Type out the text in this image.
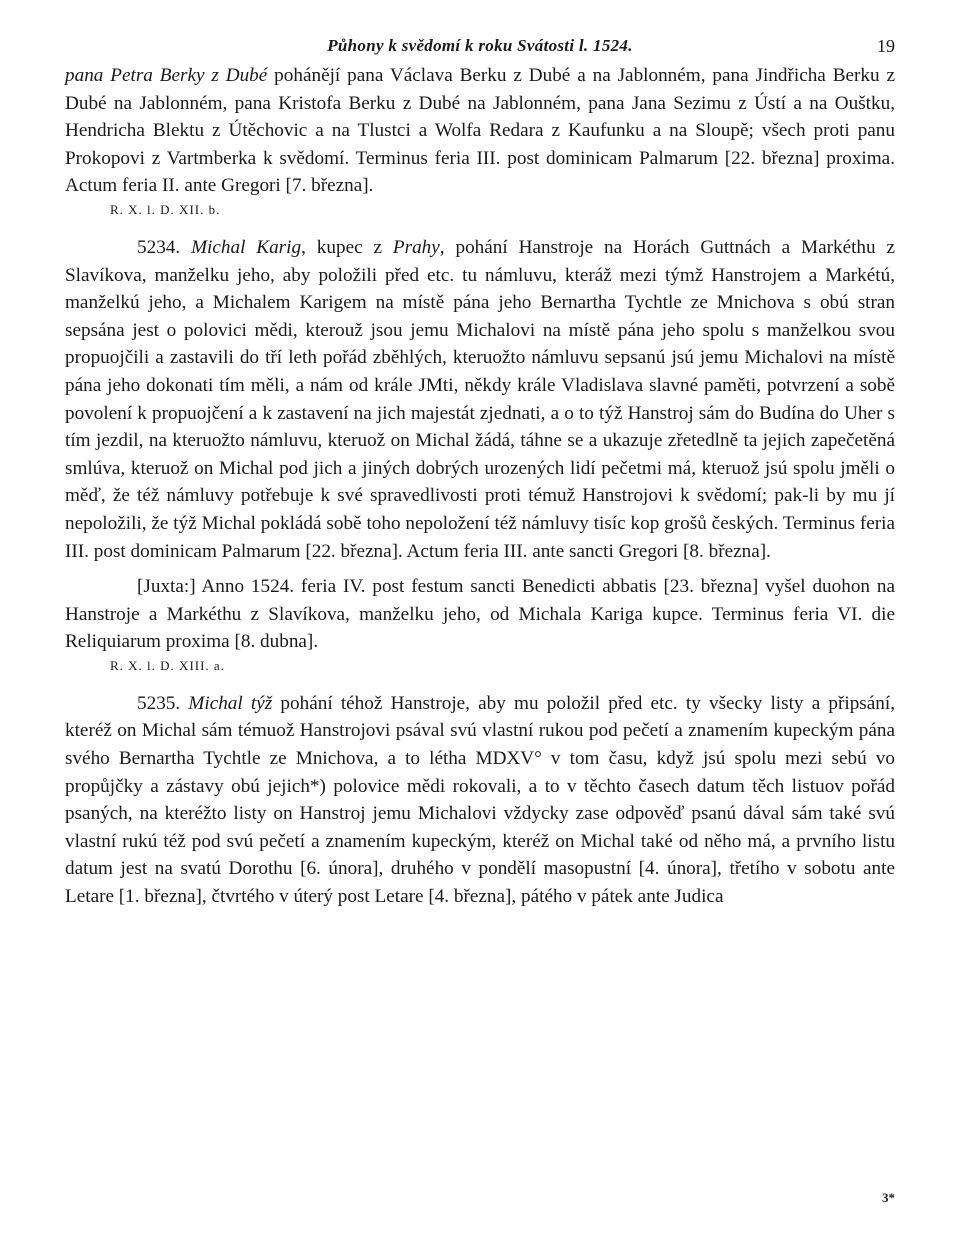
Půhony k svědomí k roku Svátosti l. 1524.	19

pana Petra Berky z Dubé pohánějí pana Václava Berku z Dubé a na Jablonném, pana Jindřicha Berku z Dubé na Jablonném, pana Kristofa Berku z Dubé na Jablonném, pana Jana Sezimu z Ústí a na Ouštku, Hendricha Blektu z Útěchovic a na Tlustci a Wolfa Redara z Kaufunku a na Sloupě; všech proti panu Prokopovi z Vartmberka k svědomí. Terminus feria III. post dominicam Palmarum [22. března] proxima. Actum feria II. ante Gregori [7. března].

R. X. l. D. XII. b.

5234. Michal Karig, kupec z Prahy, pohání Hanstroje na Horách Guttnách a Markéthu z Slavíkova, manželku jeho, aby položili před etc. tu námluvu, kteráž mezi týmž Hanstrojem a Markétú, manželkú jeho, a Michalem Karigem na místě pána jeho Bernartha Tychtle ze Mnichova s obú stran sepsána jest o polovici mědi, kterouž jsou jemu Michalovi na místě pána jeho spolu s manželkou svou propuojčili a zastavili do tří leth pořád zběhlých, kteruožto námluvu sepsanú jsú jemu Michalovi na místě pána jeho dokonati tím měli, a nám od krále JMti, někdy krále Vladislava slavné paměti, potvrzení a sobě povolení k propuojčení a k zastavení na jich majestát zjednati, a o to týž Hanstroj sám do Budína do Uher s tím jezdil, na kteruožto námluvu, kteruož on Michal žádá, táhne se a ukazuje zřetedlně ta jejich zapečetěná smlúva, kteruož on Michal pod jich a jiných dobrých urozených lidí pečetmi má, kteruož jsú spolu jměli o měď, že též námluvy potřebuje k své spravedlivosti proti témuž Hanstrojovi k svědomí; pak-li by mu jí nepoložili, že týž Michal pokládá sobě toho nepoložení též námluvy tisíc kop grošů českých. Terminus feria III. post dominicam Palmarum [22. března]. Actum feria III. ante sancti Gregori [8. března].

[Juxta:] Anno 1524. feria IV. post festum sancti Benedicti abbatis [23. března] vyšel duohon na Hanstroje a Markéthu z Slavíkova, manželku jeho, od Michala Kariga kupce. Terminus feria VI. die Reliquiarum proxima [8. dubna].

R. X. l. D. XIII. a.

5235. Michal týž pohání téhož Hanstroje, aby mu položil před etc. ty všecky listy a připsání, kteréž on Michal sám témuož Hanstrojovi psával svú vlastní rukou pod pečetí a znamením kupeckým pána svého Bernartha Tychtle ze Mnichova, a to létha MDXV° v tom času, když jsú spolu mezi sebú vo propůjčky a zástavy obú jejich*) polovice mědi rokovali, a to v těchto časech datum těch listuov pořád psaných, na kteréžto listy on Hanstroj jemu Michalovi vždycky zase odpověď psanú dával sám také svú vlastní rukú též pod svú pečetí a znamením kupeckým, kteréž on Michal také od něho má, a prvního listu datum jest na svatú Dorothu [6. února], druhého v pondělí masopustní [4. února], třetího v sobotu ante Letare [1. března], čtvrtého v úterý post Letare [4. března], pátého v pátek ante Judica

3*
